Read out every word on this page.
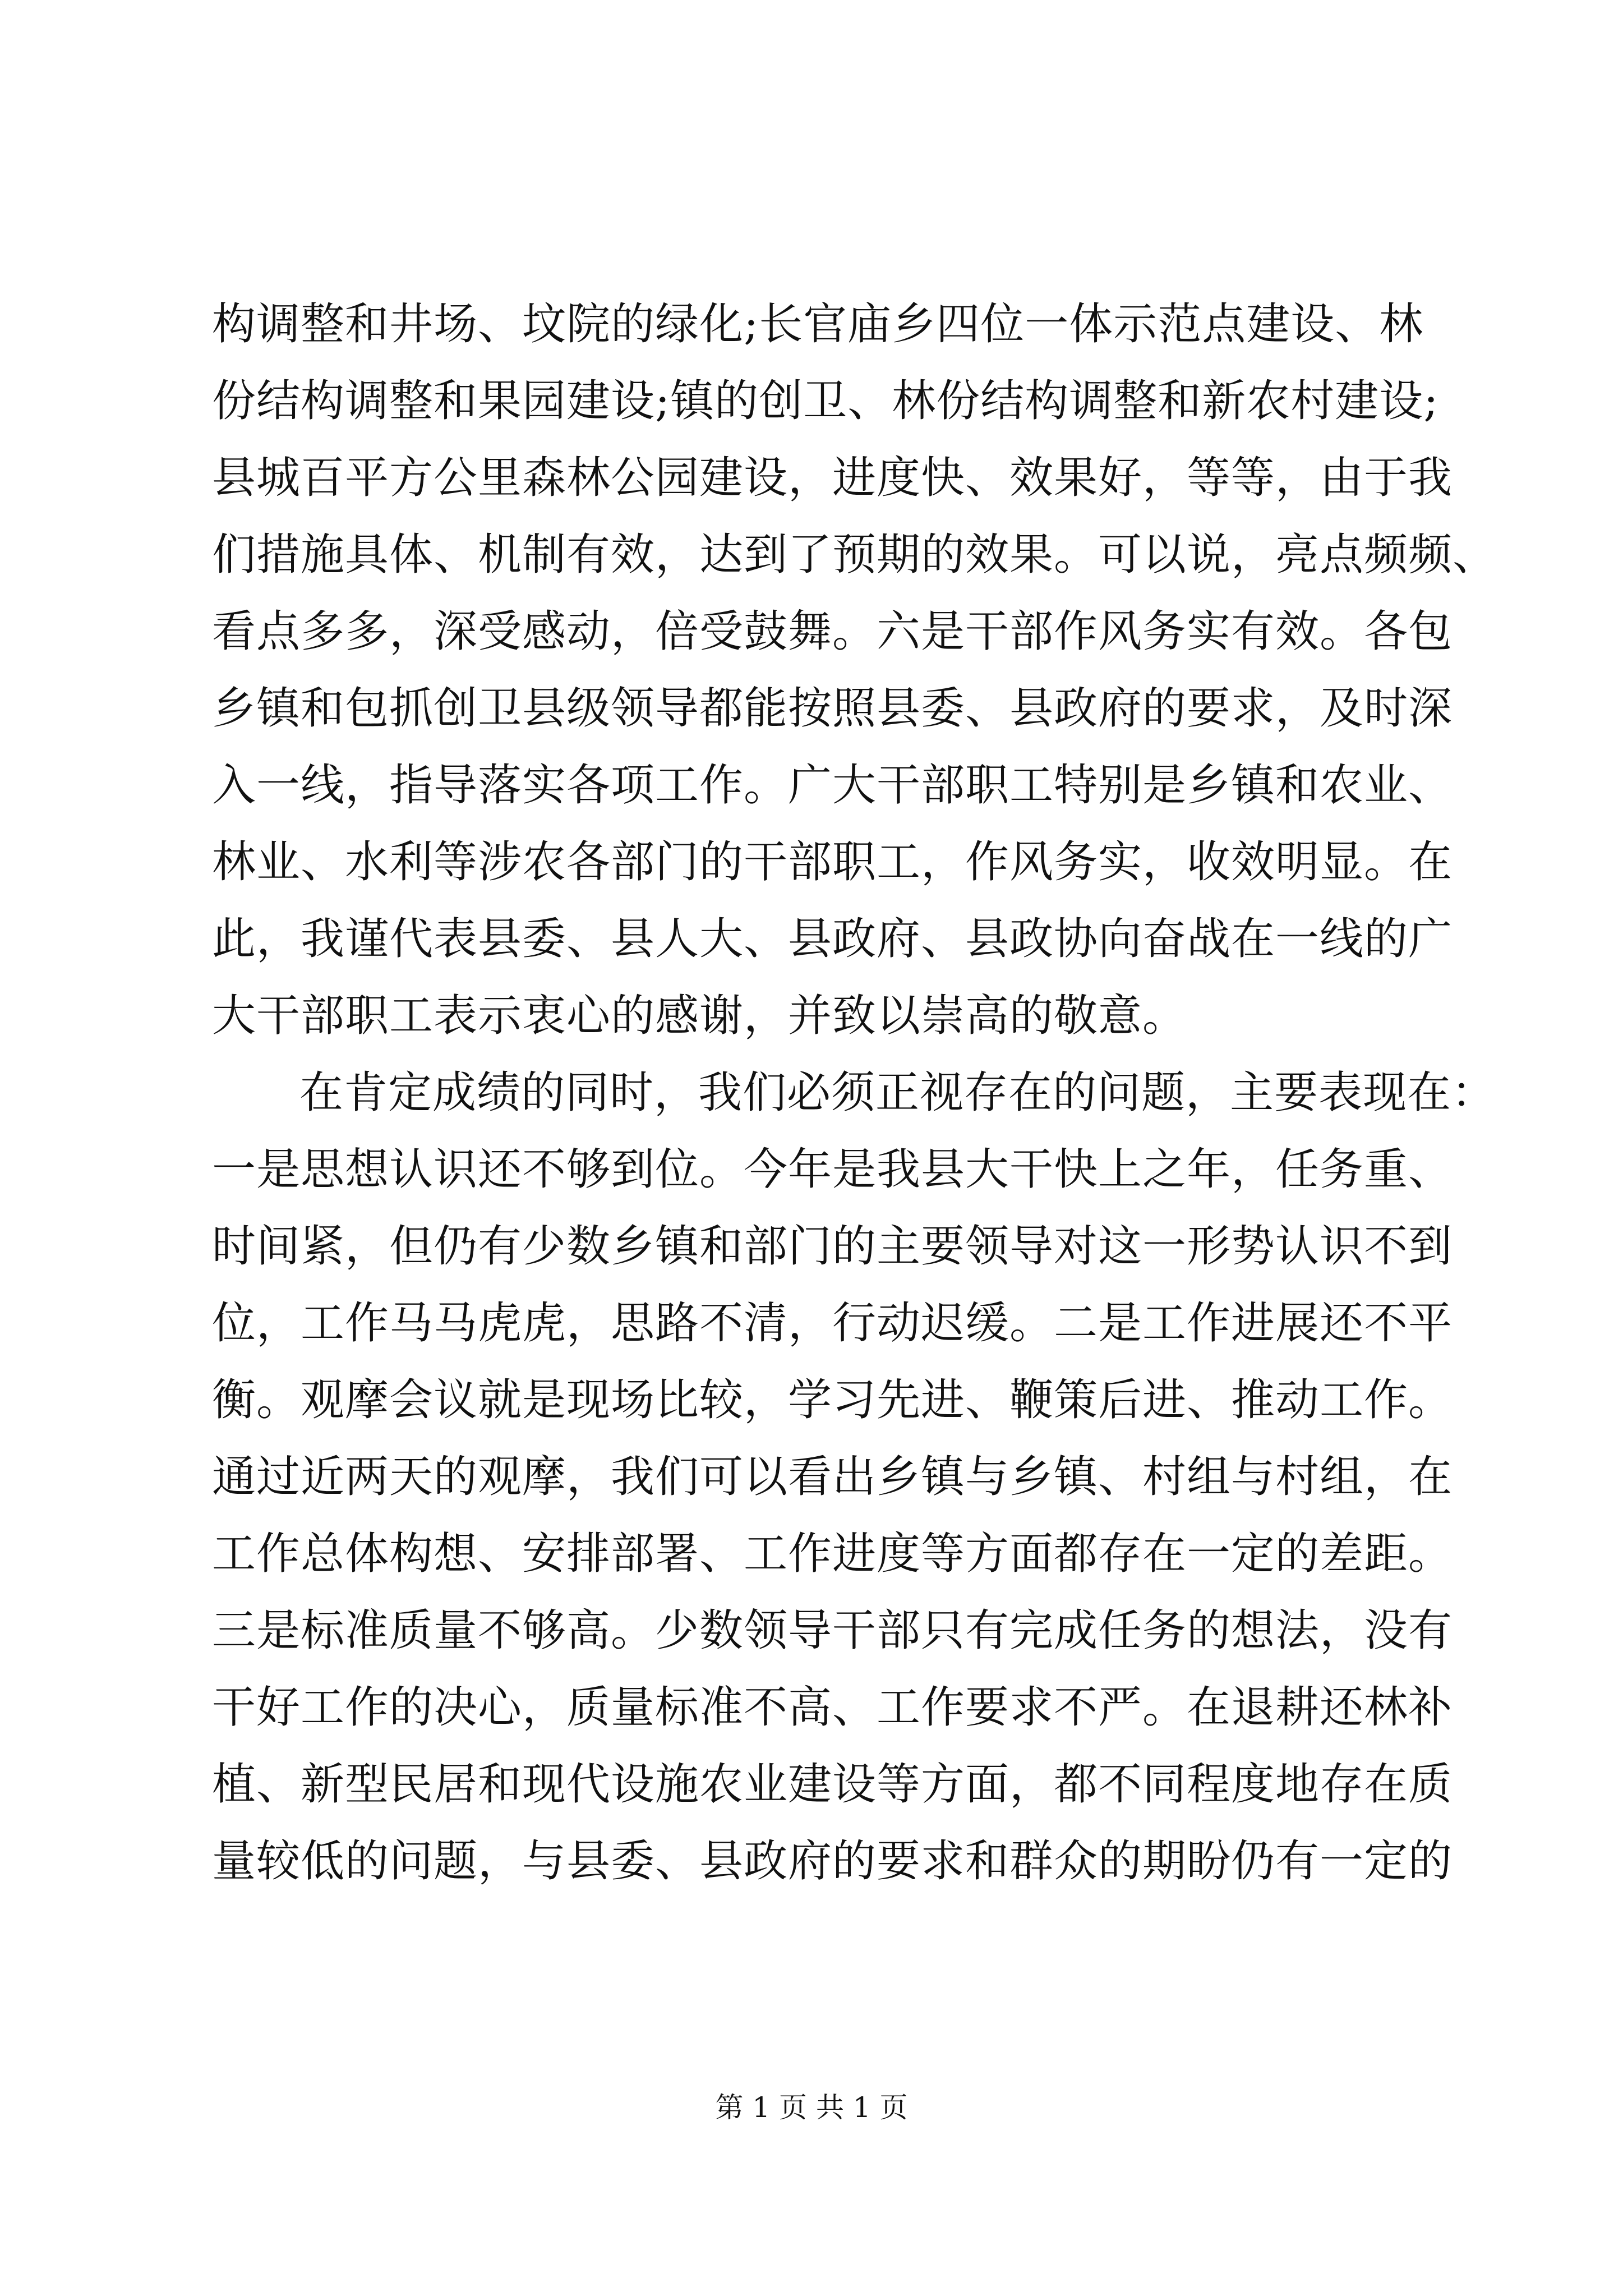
构调整和井场、坟院的绿化;长官庙乡四位一体示范点建设、林
份结构调整和果园建设;镇的创卫、林份结构调整和新农村建设;
县城百平方公里森林公园建设，进度快、效果好，等等，由于我
们措施具体、机制有效，达到了预期的效果。可以说，亮点频频、
看点多多，深受感动，倍受鼓舞。六是干部作风务实有效。各包
乡镇和包抓创卫县级领导都能按照县委、县政府的要求，及时深
入一线，指导落实各项工作。广大干部职工特别是乡镇和农业、
林业、水利等涉农各部门的干部职工，作风务实，收效明显。在
此，我谨代表县委、县人大、县政府、县政协向奋战在一线的广
大干部职工表示衷心的感谢，并致以崇高的敬意。
在肯定成绩的同时，我们必须正视存在的问题，主要表现在：
一是思想认识还不够到位。今年是我县大干快上之年，任务重、
时间紧，但仍有少数乡镇和部门的主要领导对这一形势认识不到
位，工作马马虎虎，思路不清，行动迟缓。二是工作进展还不平
衡。观摩会议就是现场比较，学习先进、鞭策后进、推动工作。
通过近两天的观摩，我们可以看出乡镇与乡镇、村组与村组，在
工作总体构想、安排部署、工作进度等方面都存在一定的差距。
三是标准质量不够高。少数领导干部只有完成任务的想法，没有
干好工作的决心，质量标准不高、工作要求不严。在退耕还林补
植、新型民居和现代设施农业建设等方面，都不同程度地存在质
量较低的问题，与县委、县政府的要求和群众的期盼仍有一定的
第 1 页 共 1 页
